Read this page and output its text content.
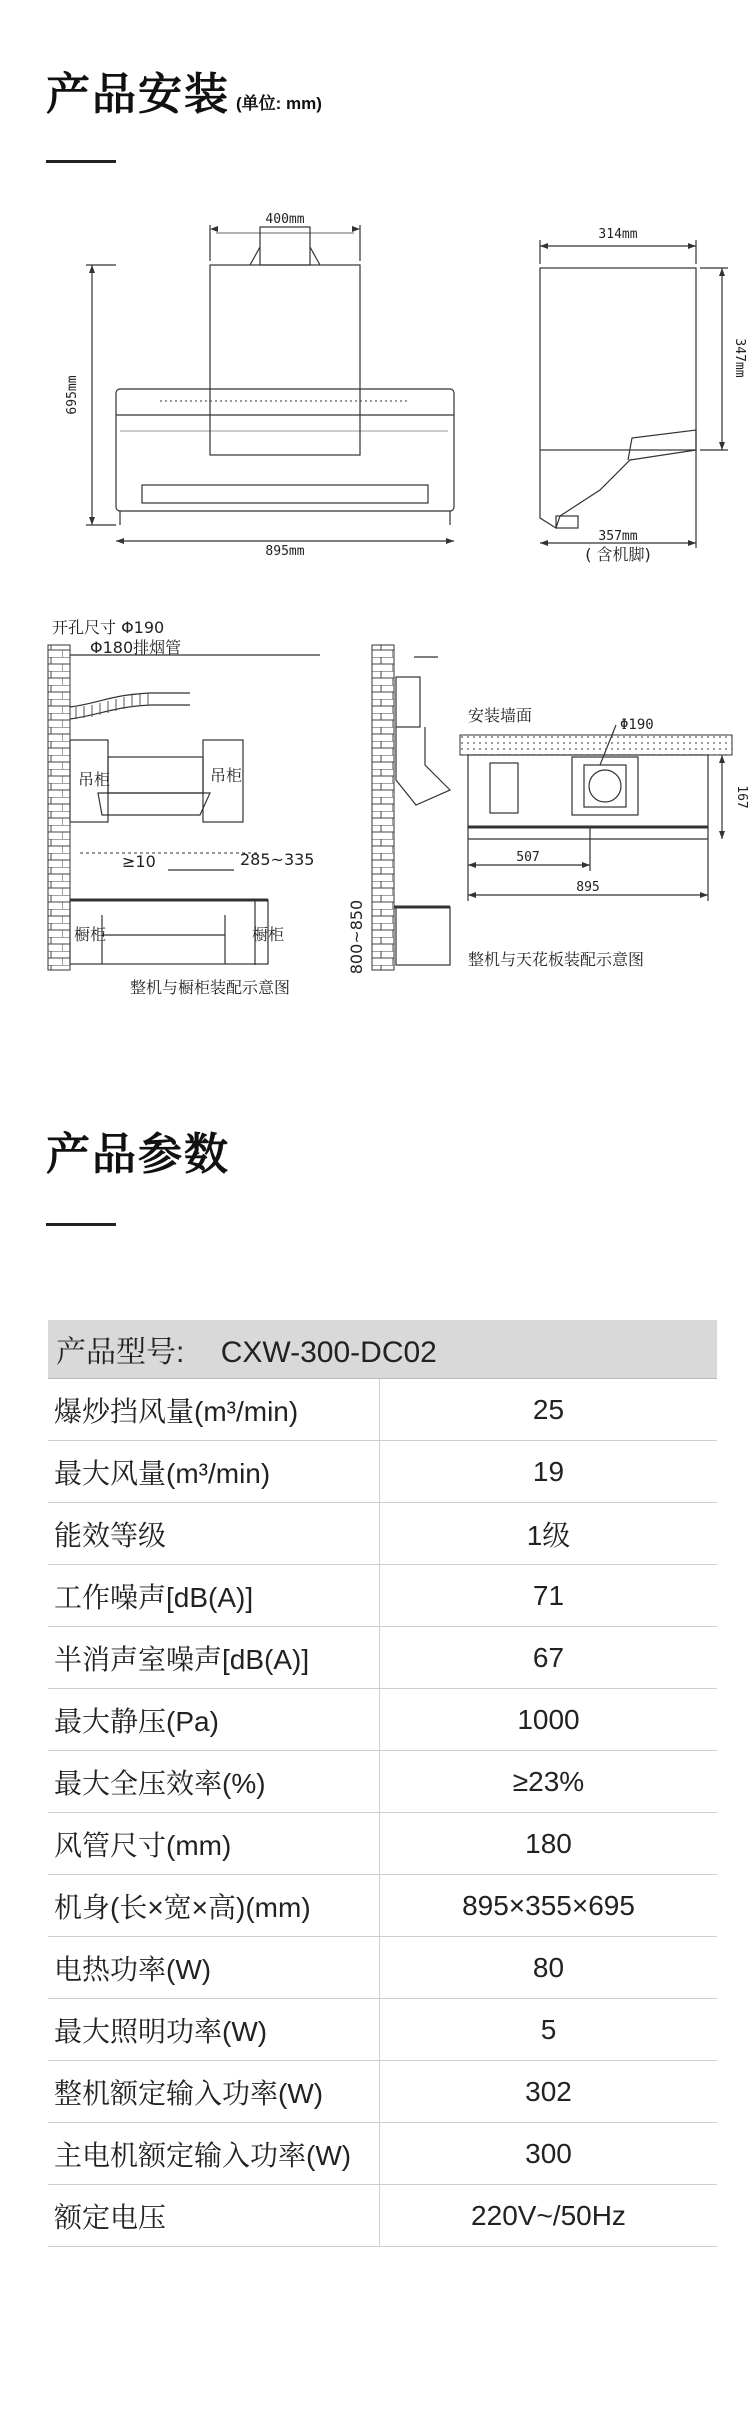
产品安装 (单位: mm)
400mm
695mm
895mm
314mm
347mm
357mm
( 含机脚)
开孔尺寸 Φ190
Φ180排烟管
吊柜	吊柜
≥10	285~335
橱柜	橱柜	800~850
整机与橱柜装配示意图
安装墙面	Φ190
167
507
895
整机与天花板装配示意图
产品参数
产品型号: CXW-300-DC02	
爆炒挡风量(m³/min)	25
最大风量(m³/min)	19
能效等级	1级
工作噪声[dB(A)]	71
半消声室噪声[dB(A)]	67
最大静压(Pa)	1000
最大全压效率(%)	≥23%
风管尺寸(mm)	180
机身(长×宽×高)(mm)	895×355×695
电热功率(W)	80
最大照明功率(W)	5
整机额定输入功率(W)	302
主电机额定输入功率(W)	300
额定电压	220V~/50Hz
